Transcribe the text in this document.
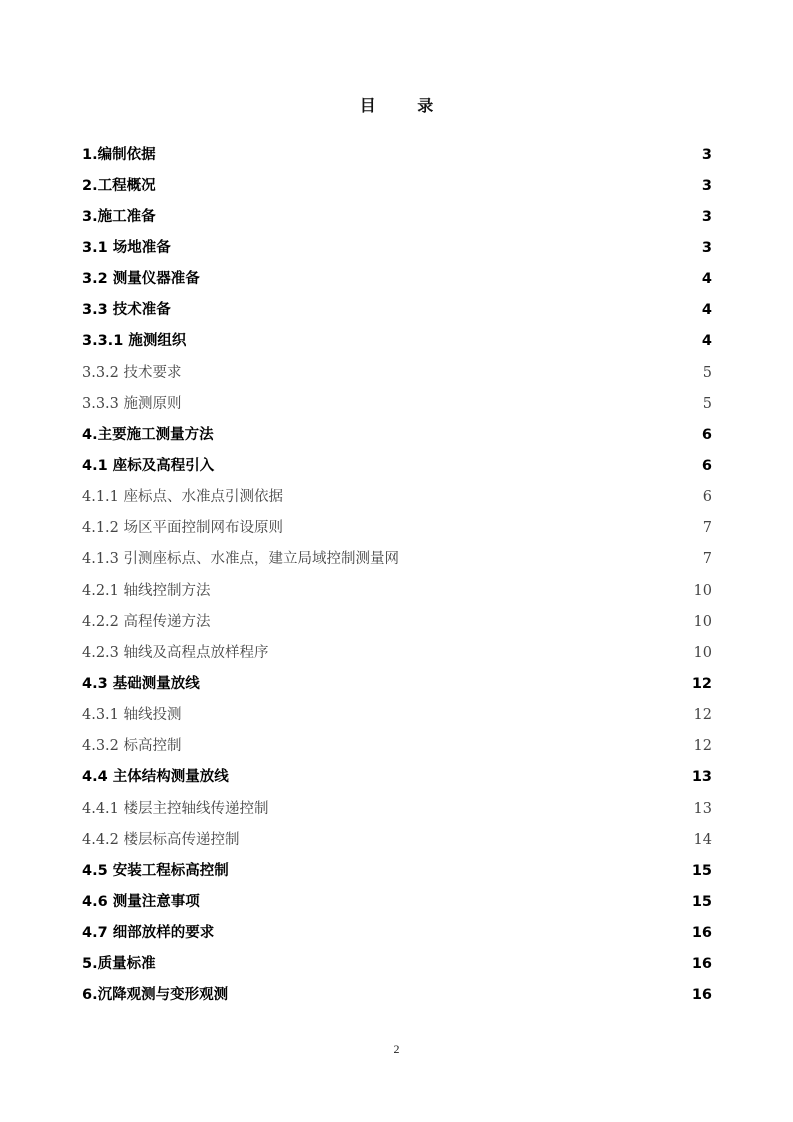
目 录
1.编制依据	3
2.工程概况	3
3.施工准备	3
3.1 场地准备	3
3.2 测量仪器准备	4
3.3 技术准备	4
3.3.1 施测组织	4
3.3.2 技术要求	5
3.3.3 施测原则	5
4.主要施工测量方法	6
4.1 座标及高程引入	6
4.1.1 座标点、水准点引测依据	6
4.1.2 场区平面控制网布设原则	7
4.1.3 引测座标点、水准点，建立局域控制测量网	7
4.2.1 轴线控制方法	10
4.2.2 高程传递方法	10
4.2.3 轴线及高程点放样程序	10
4.3 基础测量放线	12
4.3.1 轴线投测	12
4.3.2 标高控制	12
4.4 主体结构测量放线	13
4.4.1 楼层主控轴线传递控制	13
4.4.2 楼层标高传递控制	14
4.5 安装工程标高控制	15
4.6 测量注意事项	15
4.7 细部放样的要求	16
5.质量标准	16
6.沉降观测与变形观测	16
2
